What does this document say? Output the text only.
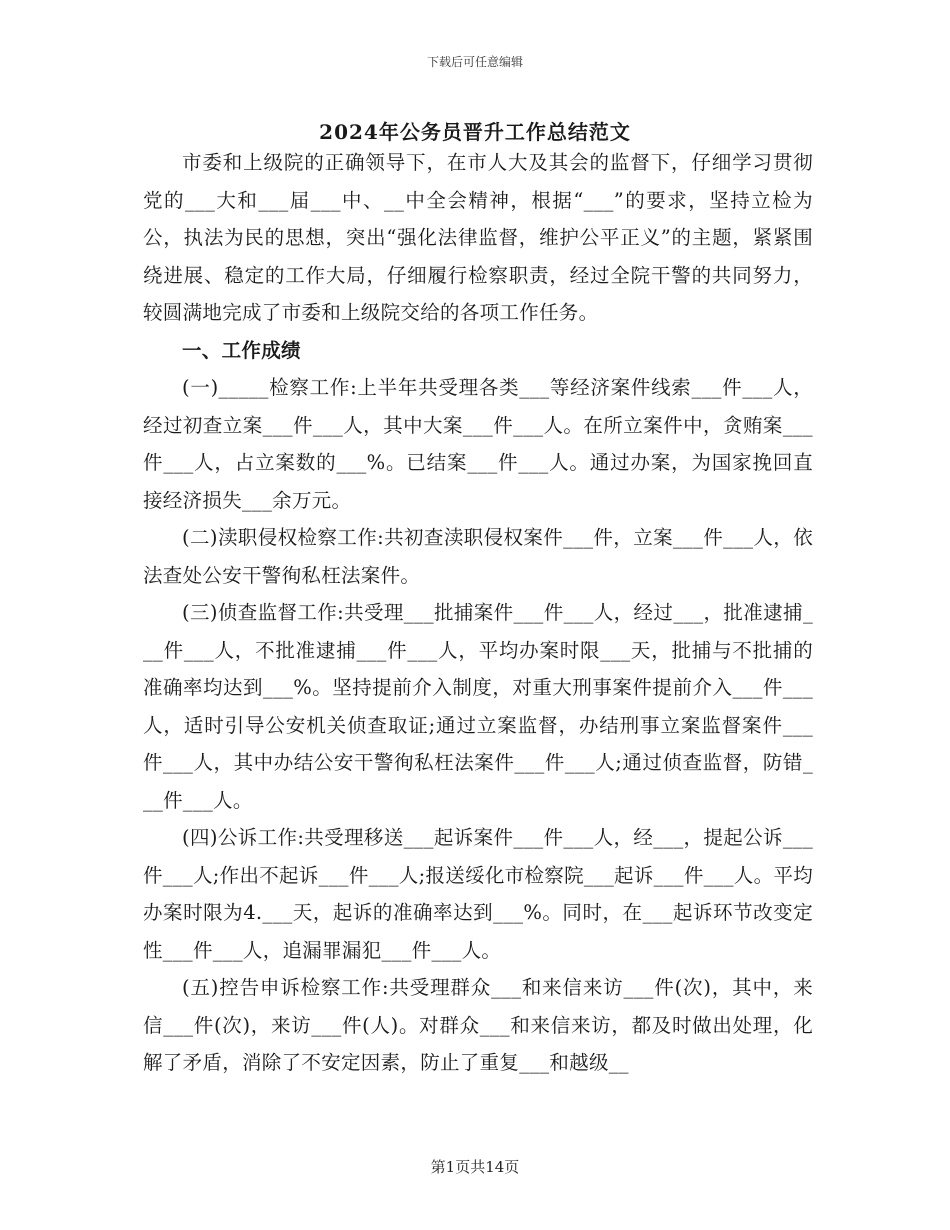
下载后可任意编辑
2024年公务员晋升工作总结范文

市委和上级院的正确领导下，在市人大及其会的监督下，仔细学习贯彻党的___大和___届___中、__中全会精神，根据“___”的要求，坚持立检为公，执法为民的思想，突出“强化法律监督，维护公平正义”的主题，紧紧围绕进展、稳定的工作大局，仔细履行检察职责，经过全院干警的共同努力，较圆满地完成了市委和上级院交给的各项工作任务。

一、工作成绩

(一)_____检察工作:上半年共受理各类___等经济案件线索___件___人，经过初查立案___件___人，其中大案___件___人。在所立案件中，贪贿案___件___人，占立案数的___%。已结案___件___人。通过办案，为国家挽回直接经济损失___余万元。

(二)渎职侵权检察工作:共初查渎职侵权案件___件，立案___件___人，依法查处公安干警徇私枉法案件。

(三)侦查监督工作:共受理___批捕案件___件___人，经过___，批准逮捕___件___人，不批准逮捕___件___人，平均办案时限___天，批捕与不批捕的准确率均达到___%。坚持提前介入制度，对重大刑事案件提前介入___件___人，适时引导公安机关侦查取证;通过立案监督，办结刑事立案监督案件___件___人，其中办结公安干警徇私枉法案件___件___人;通过侦查监督，防错___件___人。

(四)公诉工作:共受理移送___起诉案件___件___人，经___，提起公诉___件___人;作出不起诉___件___人;报送绥化市检察院___起诉___件___人。平均办案时限为4.___天，起诉的准确率达到___%。同时，在___起诉环节改变定性___件___人，追漏罪漏犯___件___人。

(五)控告申诉检察工作:共受理群众___和来信来访___件(次)，其中，来信___件(次)，来访___件(人)。对群众___和来信来访，都及时做出处理，化解了矛盾，消除了不安定因素，防止了重复___和越级__

第1页共14页
